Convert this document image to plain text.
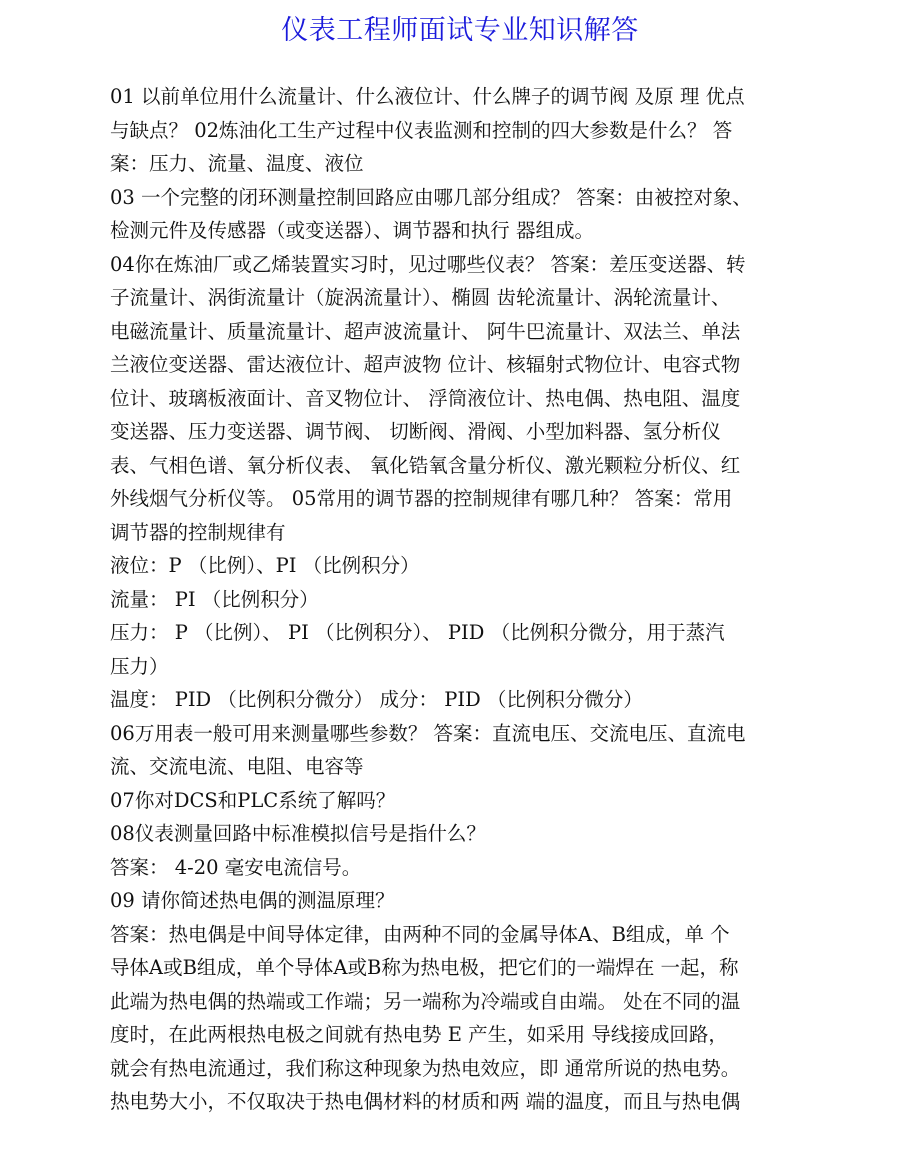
仪表工程师面试专业知识解答
01 以前单位用什么流量计、什么液位计、什么牌子的调节阀 及原 理 优点
与缺点？ 02炼油化工生产过程中仪表监测和控制的四大参数是什么？ 答
案：压力、流量、温度、液位
03 一个完整的闭环测量控制回路应由哪几部分组成？ 答案：由被控对象、
检测元件及传感器（或变送器）、调节器和执行 器组成。
04你在炼油厂或乙烯装置实习时，见过哪些仪表？ 答案：差压变送器、转
子流量计、涡街流量计（旋涡流量计）、椭圆 齿轮流量计、涡轮流量计、
电磁流量计、质量流量计、超声波流量计、 阿牛巴流量计、双法兰、单法
兰液位变送器、雷达液位计、超声波物 位计、核辐射式物位计、电容式物
位计、玻璃板液面计、音叉物位计、 浮筒液位计、热电偶、热电阻、温度
变送器、压力变送器、调节阀、 切断阀、滑阀、小型加料器、氢分析仪
表、气相色谱、氧分析仪表、 氧化锆氧含量分析仪、激光颗粒分析仪、红
外线烟气分析仪等。 05常用的调节器的控制规律有哪几种？ 答案：常用
调节器的控制规律有
液位：P （比例）、PI （比例积分）
流量： PI （比例积分）
压力： P （比例）、 PI （比例积分）、 PID （比例积分微分，用于蒸汽
压力）
温度： PID （比例积分微分） 成分： PID （比例积分微分）
06万用表一般可用来测量哪些参数？ 答案：直流电压、交流电压、直流电
流、交流电流、电阻、电容等
07你对DCS和PLC系统了解吗？
08仪表测量回路中标准模拟信号是指什么？
答案： 4-20 毫安电流信号。
09 请你简述热电偶的测温原理？
答案：热电偶是中间导体定律，由两种不同的金属导体A、B组成，单 个
导体A或B组成，单个导体A或B称为热电极，把它们的一端焊在 一起，称
此端为热电偶的热端或工作端；另一端称为冷端或自由端。 处在不同的温
度时，在此两根热电极之间就有热电势 E 产生，如采用 导线接成回路，
就会有热电流通过，我们称这种现象为热电效应，即 通常所说的热电势。
热电势大小，不仅取决于热电偶材料的材质和两 端的温度，而且与热电偶
